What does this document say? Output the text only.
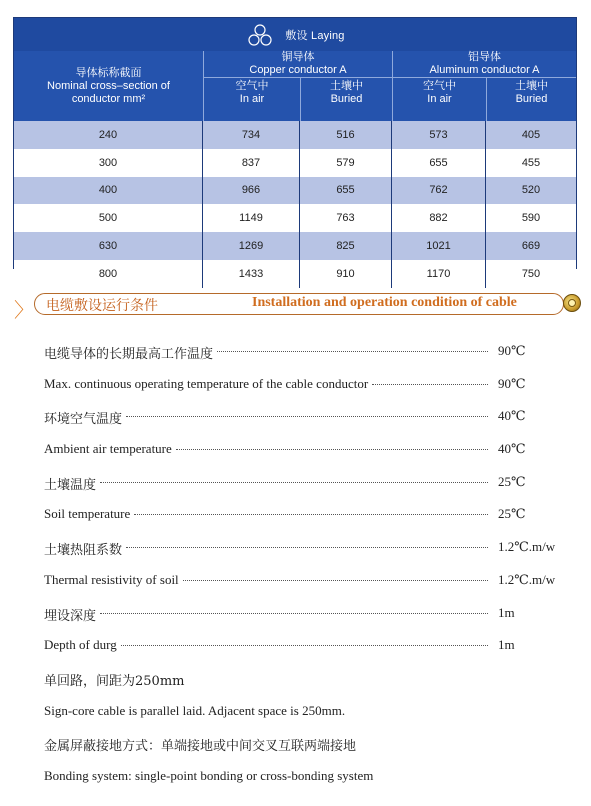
敷设 Laying
导体标称截面
Nominal cross–section of
conductor mm²
铜导体
Copper conductor A
铝导体
Aluminum conductor A
空气中
In air
土壤中
Buried
空气中
In air
土壤中
Buried
240	734	516	573	405
300	837	579	655	455
400	966	655	762	520
500	1149	763	882	590
630	1269	825	1021	669
800	1433	910	1170	750
〉 电缆敷设运行条件	Installation and operation condition of cable
电缆导体的长期最高工作温度	90℃
Max. continuous operating temperature of the cable conductor	90℃
环境空气温度	40℃
Ambient air temperature	40℃
土壤温度	25℃
Soil temperature	25℃
土壤热阻系数	1.2℃.m/w
Thermal resistivity of soil	1.2℃.m/w
埋设深度	1m
Depth of durg	1m
单回路，间距为250mm
Sign-core cable is parallel laid. Adjacent space is 250mm.
金属屏蔽接地方式：单端接地或中间交叉互联两端接地
Bonding system: single-point bonding or cross-bonding system
